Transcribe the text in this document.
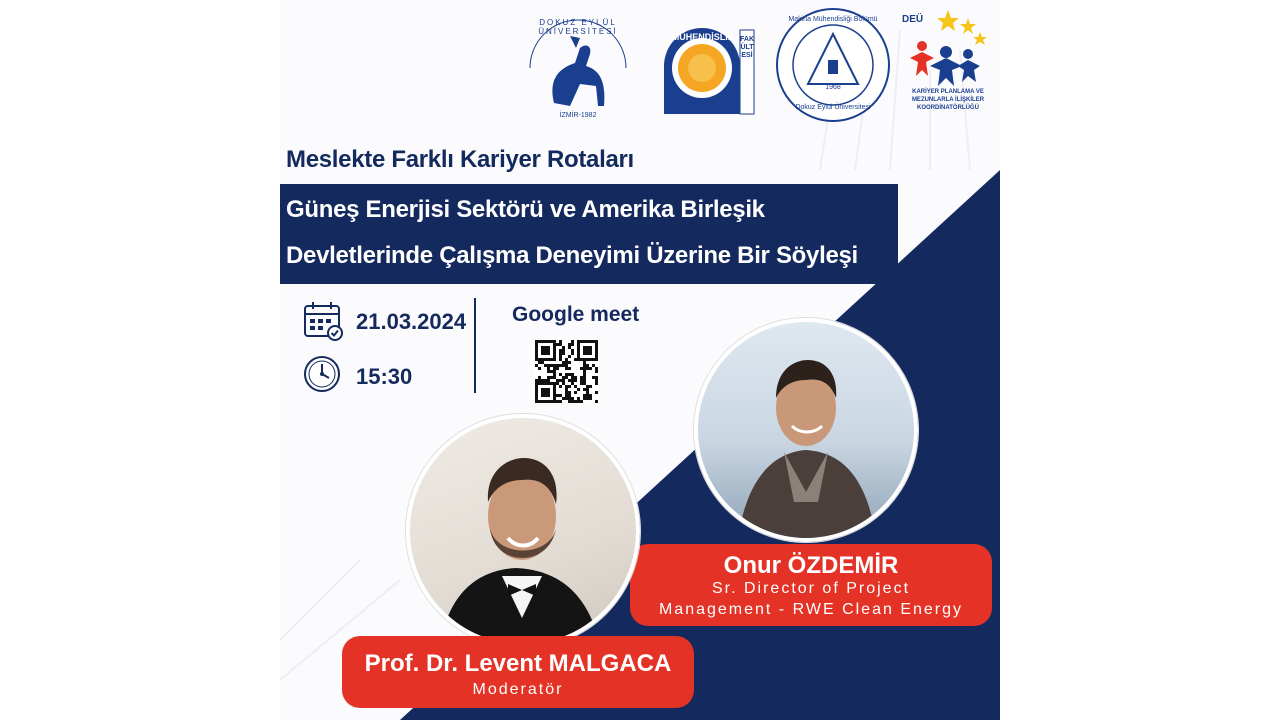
DOKUZ EYLÜL ÜNİVERSİTESİ
İZMİR-1982
MÜHENDİSLİK FAKÜLTESİ
Makina Mühendisliği Bölümü
1968
Dokuz Eylül Üniversitesi
DEÜ
KARİYER PLANLAMA VE MEZUNLARLA İLİŞKİLER KOORDİNATÖRLÜĞÜ
Meslekte Farklı Kariyer Rotaları
Güneş Enerjisi Sektörü ve Amerika Birleşik
Devletlerinde Çalışma Deneyimi Üzerine Bir Söyleşi
21.03.2024
15:30
Google meet
Onur ÖZDEMİR
Sr. Director of Project
Management - RWE Clean Energy
Prof. Dr. Levent MALGACA
Moderatör
